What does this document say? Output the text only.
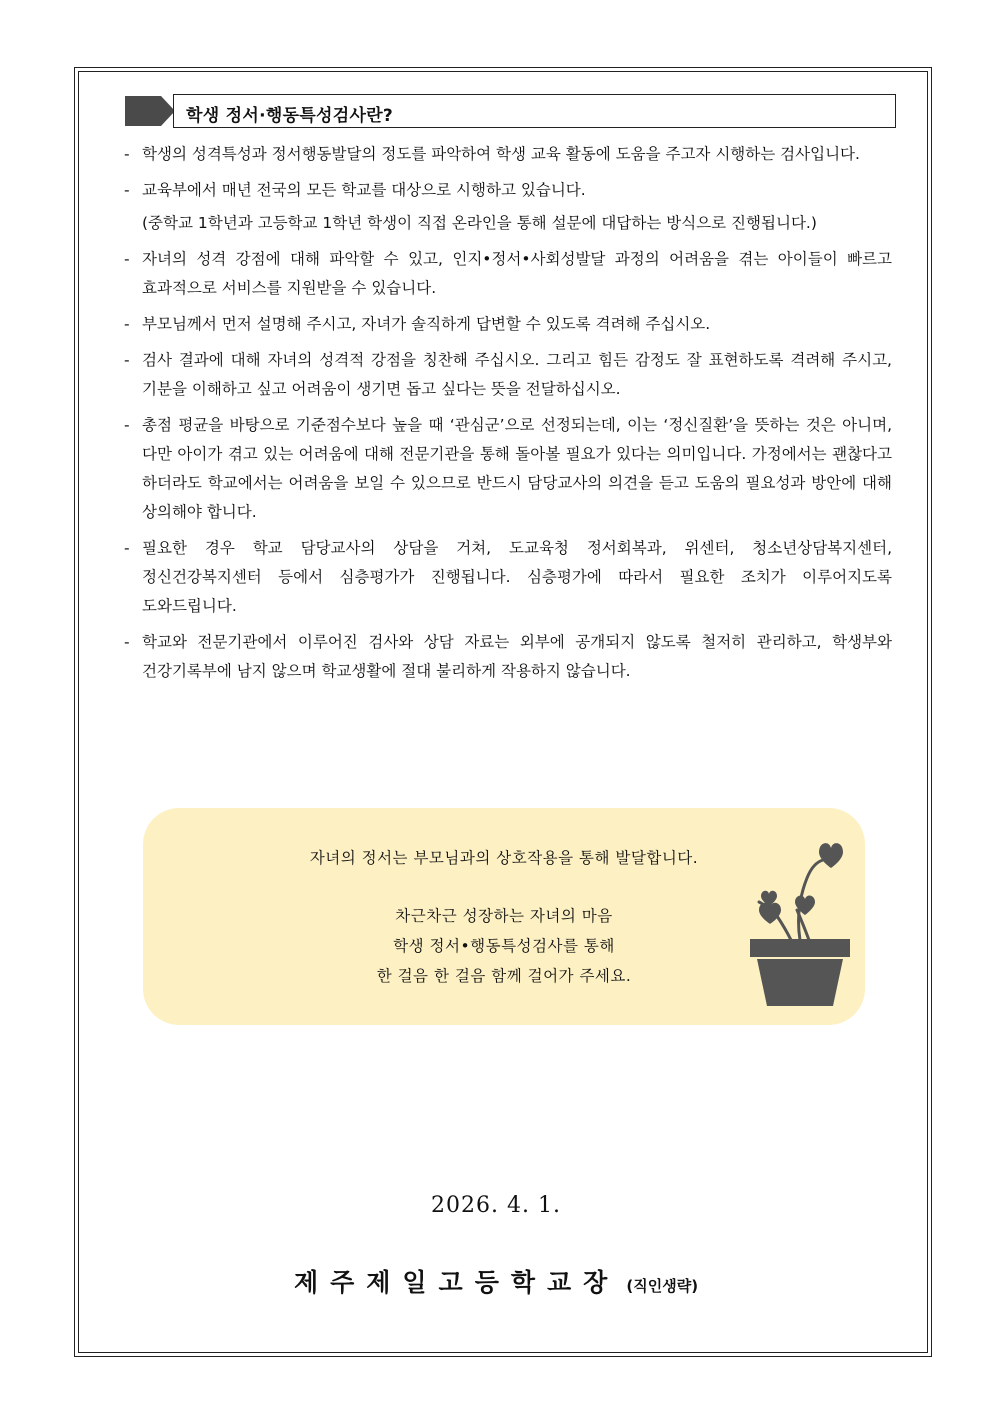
학생 정서·행동특성검사란?
- 학생의 성격특성과 정서행동발달의 정도를 파악하여 학생 교육 활동에 도움을 주고자 시행하는 검사입니다.
- 교육부에서 매년 전국의 모든 학교를 대상으로 시행하고 있습니다.
(중학교 1학년과 고등학교 1학년 학생이 직접 온라인을 통해 설문에 대답하는 방식으로 진행됩니다.)
- 자녀의 성격 강점에 대해 파악할 수 있고, 인지•정서•사회성발달 과정의 어려움을 겪는 아이들이 빠르고 효과적으로 서비스를 지원받을 수 있습니다.
- 부모님께서 먼저 설명해 주시고, 자녀가 솔직하게 답변할 수 있도록 격려해 주십시오.
- 검사 결과에 대해 자녀의 성격적 강점을 칭찬해 주십시오. 그리고 힘든 감정도 잘 표현하도록 격려해 주시고, 기분을 이해하고 싶고 어려움이 생기면 돕고 싶다는 뜻을 전달하십시오.
- 총점 평균을 바탕으로 기준점수보다 높을 때 ‘관심군’으로 선정되는데, 이는 ‘정신질환’을 뜻하는 것은 아니며, 다만 아이가 겪고 있는 어려움에 대해 전문기관을 통해 돌아볼 필요가 있다는 의미입니다. 가정에서는 괜찮다고 하더라도 학교에서는 어려움을 보일 수 있으므로 반드시 담당교사의 의견을 듣고 도움의 필요성과 방안에 대해 상의해야 합니다.
- 필요한 경우 학교 담당교사의 상담을 거쳐, 도교육청 정서회복과, 위센터, 청소년상담복지센터, 정신건강복지센터 등에서 심층평가가 진행됩니다. 심층평가에 따라서 필요한 조치가 이루어지도록 도와드립니다.
- 학교와 전문기관에서 이루어진 검사와 상담 자료는 외부에 공개되지 않도록 철저히 관리하고, 학생부와 건강기록부에 남지 않으며 학교생활에 절대 불리하게 작용하지 않습니다.
자녀의 정서는 부모님과의 상호작용을 통해 발달합니다.
차근차근 성장하는 자녀의 마음
학생 정서•행동특성검사를 통해
한 걸음 한 걸음 함께 걸어가 주세요.
2026. 4. 1.
제주제일고등학교장 (직인생략)
